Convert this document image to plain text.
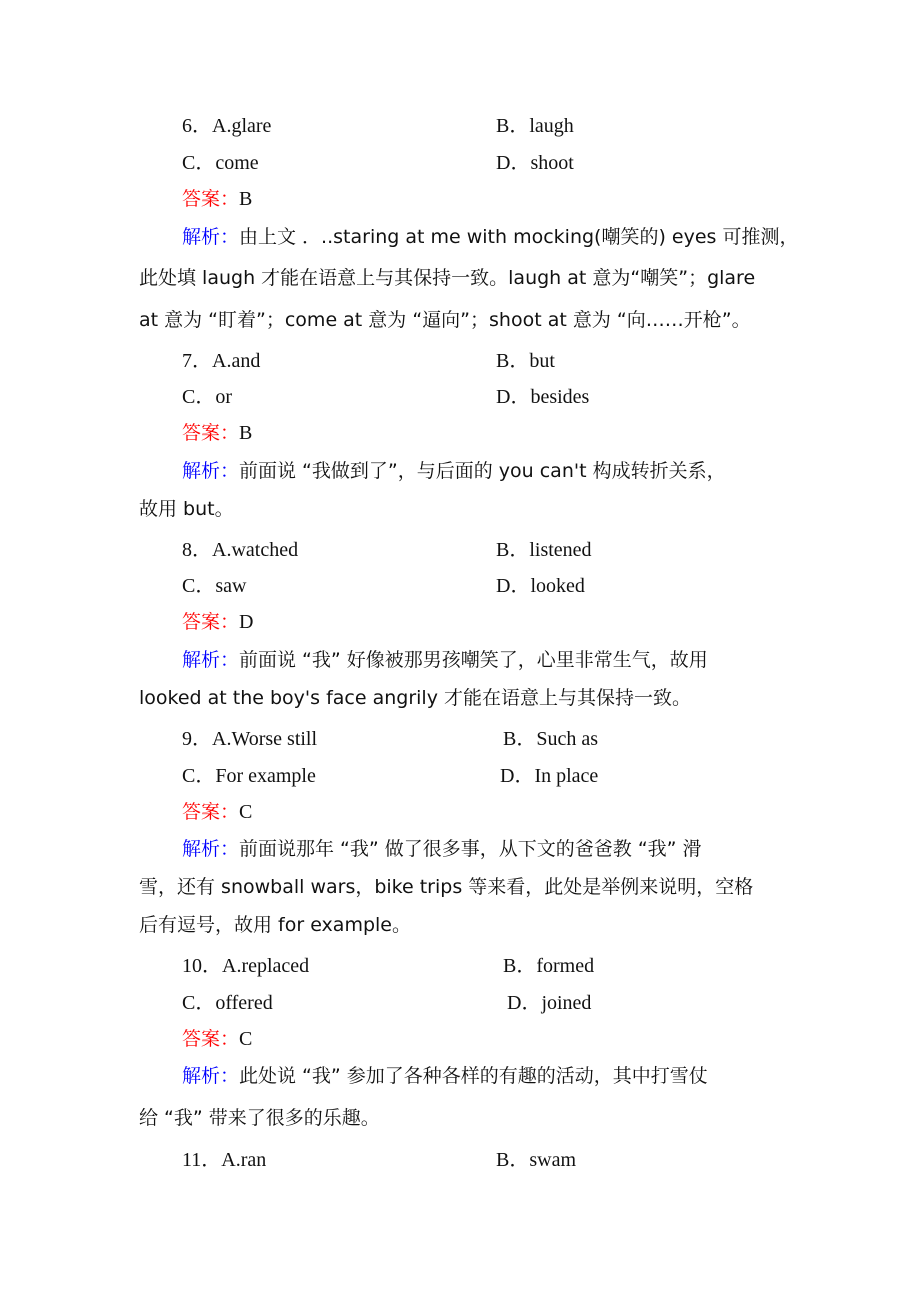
6．A.glare	B．laugh
C．come	D．shoot
答案：B
解析：由上文 ．..staring at me with mocking(嘲笑的) eyes 可推测，
此处填 laugh 才能在语意上与其保持一致。laugh at 意为“嘲笑”；glare
at 意为 “盯着”；come at 意为 “逼向”；shoot at 意为 “向……开枪”。
7．A.and	B．but
C．or	D．besides
答案：B
解析：前面说 “我做到了”，与后面的 you can't 构成转折关系，
故用 but。
8．A.watched	B．listened
C．saw	D．looked
答案：D
解析：前面说 “我” 好像被那男孩嘲笑了，心里非常生气，故用
looked at the boy's face angrily 才能在语意上与其保持一致。
9．A.Worse still	B．Such as
C．For example	D．In place
答案：C
解析：前面说那年 “我” 做了很多事，从下文的爸爸教 “我” 滑
雪，还有 snowball wars，bike trips 等来看，此处是举例来说明，空格
后有逗号，故用 for example。
10．A.replaced	B．formed
C．offered	D．joined
答案：C
解析：此处说 “我” 参加了各种各样的有趣的活动，其中打雪仗
给 “我” 带来了很多的乐趣。
11．A.ran	B．swam
